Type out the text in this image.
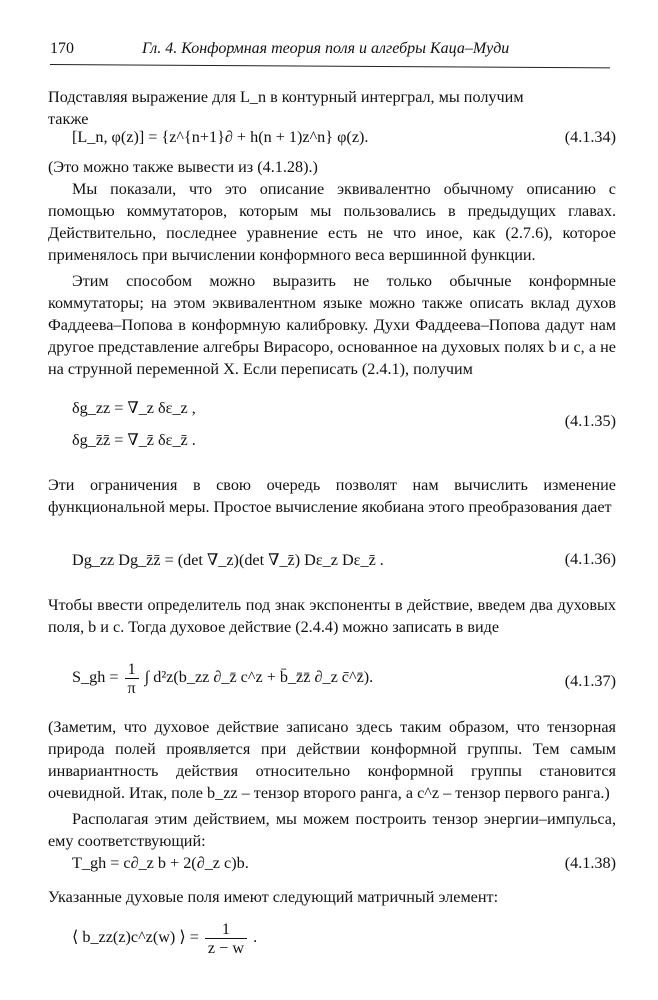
170	Гл. 4. Конформная теория поля и алгебры Каца–Муди

Подставляя выражение для L_n в контурный интергрaл, мы получим

также

[L_n, φ(z)] = {z^{n+1}∂ + h(n + 1)z^n} φ(z).	(4.1.34)

(Это можно также вывести из (4.1.28).)

Мы показали, что это описание эквивалентно обычному описанию с помощью коммутаторов, которым мы пользовались в предыдущих главах. Действительно, последнее уравнение есть не что иное, как (2.7.6), которое применялось при вычислении конформного веса вершинной функции.

Этим способом можно выразить не только обычные конформные коммутаторы; на этом эквивалентном языке можно также описать вклад духов Фаддеева–Попова в конформную калибровку. Духи Фаддеева–Попова дадут нам другое представление алгебры Вирасоро, основанное на духовых полях b и c, а не на струнной переменной X. Если переписать (2.4.1), получим

δg_zz = ∇_z δε_z ,
(4.1.35)
δg_z̄z̄ = ∇_z̄ δε_z̄ .

Эти ограничения в свою очередь позволят нам вычислить изменение функциональной меры. Простое вычисление якобиана этого преобразования дает

Dg_zz Dg_z̄z̄ = (det ∇_z)(det ∇_z̄) Dε_z Dε_z̄ .	(4.1.36)

Чтобы ввести определитель под знак экспоненты в действие, введем два духовых поля, b и c. Тогда духовое действие (2.4.4) можно записать в виде

S_gh = $\frac{1}{\pi}$ ∫ d²z(b_zz ∂_z̄ c^z + b̄_z̄z̄ ∂_z c̄^z̄).	(4.1.37)

(Заметим, что духовое действие записано здесь таким образом, что тензорная природа полей проявляется при действии конформной группы. Тем самым инвариантность действия относительно конформной группы становится очевидной. Итак, поле b_zz – тензор второго ранга, а c^z – тензор первого ранга.)

Располагая этим действием, мы можем построить тензор энергии–импульса, ему соответствующий:

T_gh = c∂_z b + 2(∂_z c)b.	(4.1.38)

Указанные духовые поля имеют следующий матричный элемент:

⟨ b_zz(z)c^z(w) ⟩ = $\frac{1}{z - w}$ .
